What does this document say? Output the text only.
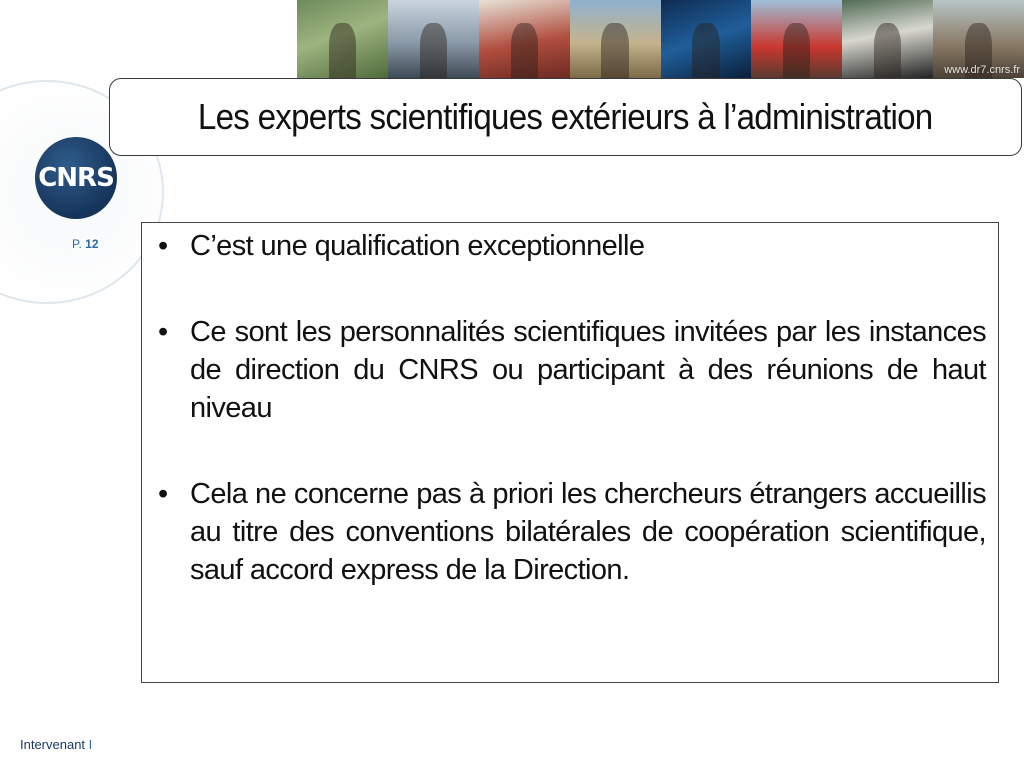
www.dr7.cnrs.fr
Les experts scientifiques extérieurs à l’administration
CNRS
P. 12 • C’est une qualification exceptionnelle
• Ce sont les personnalités scientifiques invitées par les instances de direction du CNRS ou participant à des réunions de haut niveau
• Cela ne concerne pas à priori les chercheurs étrangers accueillis au titre des conventions bilatérales de coopération scientifique, sauf accord express de la Direction.
Intervenant I
